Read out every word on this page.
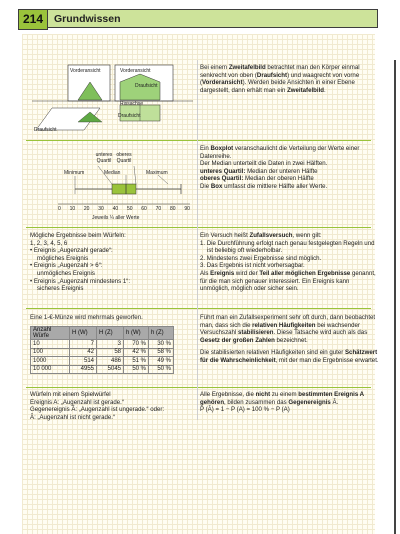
214	Grundwissen
Vorderansicht	Vorderansicht
Draufsicht
Rissachse
Draufsicht
Draufsicht
Bei einem Zweitafelbild betrachtet man den Körper einmal senkrecht von oben (Draufsicht) und waagrecht von vorne (Vorderansicht). Werden beide Ansichten in einer Ebene dargestellt, dann erhält man ein Zweitafelbild.
unteres Quartil
oberes Quartil
Minimum	Median	Maximum
0 10 20 30 40 50 60 70 80 90
Jeweils ¼ aller Werte
Ein Boxplot veranschaulicht die Verteilung der Werte einer Datenreihe.
Der Median unterteilt die Daten in zwei Hälften.
unteres Quartil: Median der unteren Hälfte
oberes Quartil: Median der oberen Hälfte
Die Box umfasst die mittlere Hälfte aller Werte.
Mögliche Ergebnisse beim Würfeln:
1, 2, 3, 4, 5, 6
• Ereignis „Augenzahl gerade“:
mögliches Ereignis
• Ereignis „Augenzahl > 6“:
unmögliches Ereignis
• Ereignis „Augenzahl mindestens 1“:
sicheres Ereignis
Ein Versuch heißt Zufallsversuch, wenn gilt:
1. Die Durchführung erfolgt nach genau festgelegten Regeln und ist beliebig oft wiederholbar.
2. Mindestens zwei Ergebnisse sind möglich.
3. Das Ergebnis ist nicht vorhersagbar.
Als Ereignis wird der Teil aller möglichen Ergebnisse genannt, für die man sich genauer interessiert. Ein Ereignis kann unmöglich, möglich oder sicher sein.
Eine 1-€-Münze wird mehrmals geworfen.
Anzahl Würfe	H (W)	H (Z)	h (W)	h (Z)
10	7	3	70 %	30 %
100	42	58	42 %	58 %
1000	514	486	51 %	49 %
10 000	4955	5045	50 %	50 %
Führt man ein Zufallsexperiment sehr oft durch, dann beobachtet man, dass sich die relativen Häufigkeiten bei wachsender Versuchszahl stabilisieren. Diese Tatsache wird auch als das Gesetz der großen Zahlen bezeichnet.
Die stabilisierten relativen Häufigkeiten sind ein guter Schätzwert für die Wahrscheinlichkeit, mit der man die Ergebnisse erwartet.
Würfeln mit einem Spielwürfel
Ereignis A: „Augenzahl ist gerade.“
Gegenereignis Ā: „Augenzahl ist ungerade.“ oder:
Ā: „Augenzahl ist nicht gerade.“
Alle Ergebnisse, die nicht zu einem bestimmten Ereignis A gehören, bilden zusammen das Gegenereignis Ā.
P (Ā) = 1 − P (A) = 100 % − P (A)
